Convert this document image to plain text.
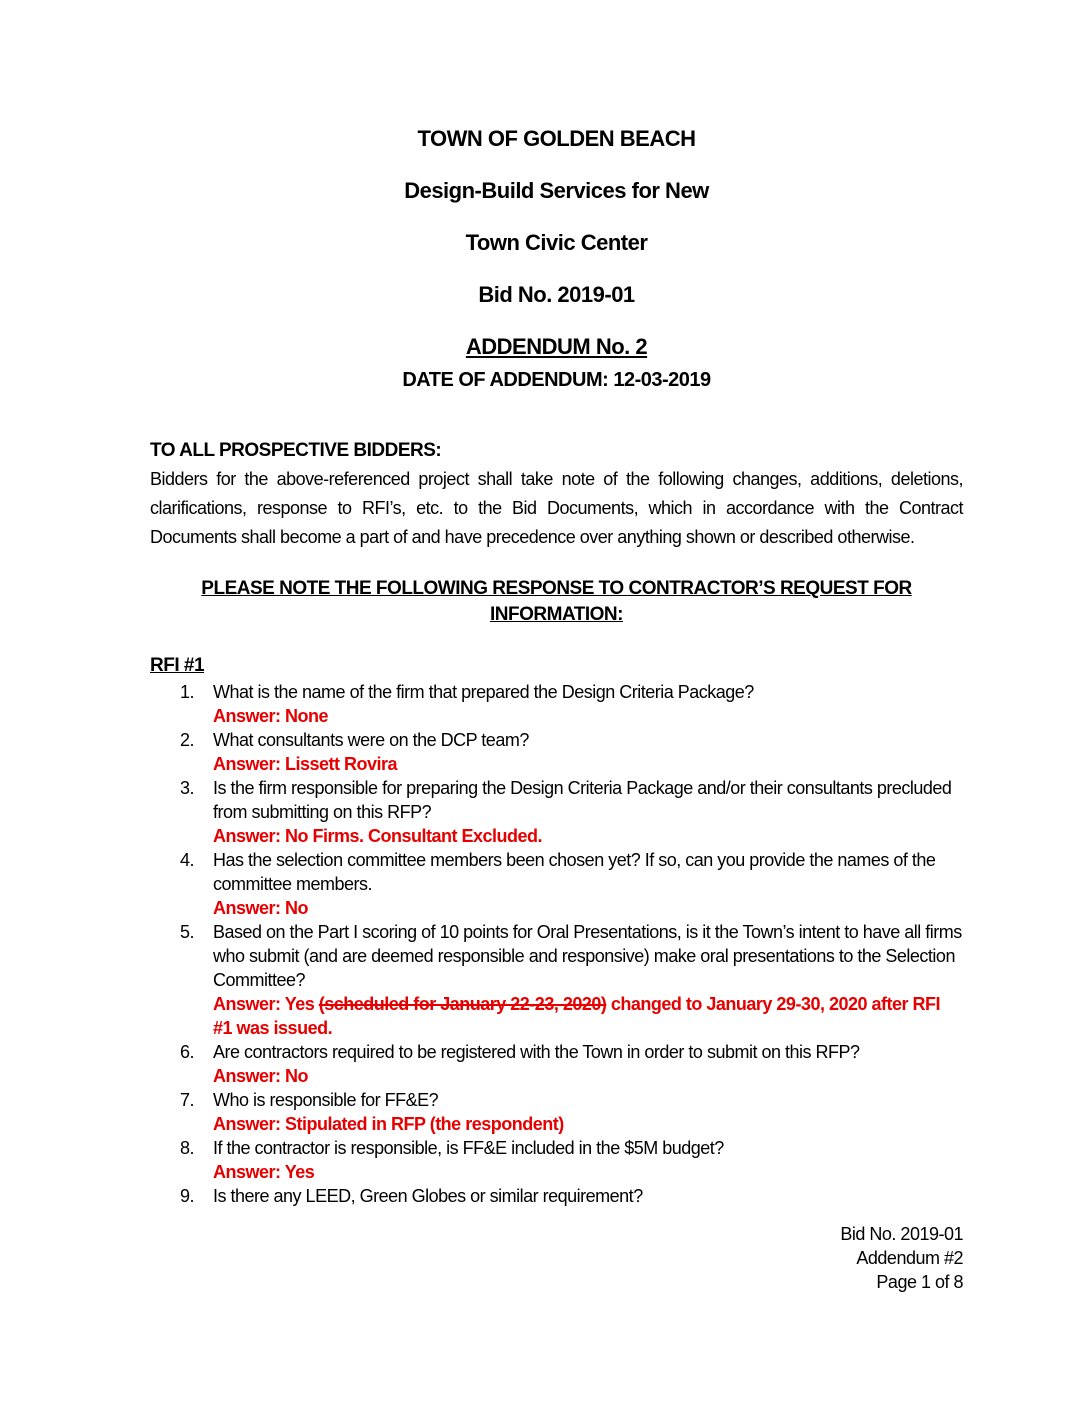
TOWN OF GOLDEN BEACH
Design-Build Services for New
Town Civic Center
Bid No. 2019-01
ADDENDUM No. 2
DATE OF ADDENDUM: 12-03-2019
TO ALL PROSPECTIVE BIDDERS:

Bidders for the above-referenced project shall take note of the following changes, additions, deletions, clarifications, response to RFI’s, etc. to the Bid Documents, which in accordance with the Contract Documents shall become a part of and have precedence over anything shown or described otherwise.

PLEASE NOTE THE FOLLOWING RESPONSE TO CONTRACTOR’S REQUEST FOR
INFORMATION:
RFI #1
1.	What is the name of the firm that prepared the Design Criteria Package?
Answer: None
2.	What consultants were on the DCP team?
Answer: Lissett Rovira
3.	Is the firm responsible for preparing the Design Criteria Package and/or their consultants precluded from submitting on this RFP?
Answer: No Firms. Consultant Excluded.
4.	Has the selection committee members been chosen yet? If so, can you provide the names of the committee members.
Answer: No
5.	Based on the Part I scoring of 10 points for Oral Presentations, is it the Town’s intent to have all firms who submit (and are deemed responsible and responsive) make oral presentations to the Selection Committee?
Answer: Yes (scheduled for January 22-23, 2020) changed to January 29-30, 2020 after RFI #1 was issued.
6.	Are contractors required to be registered with the Town in order to submit on this RFP?
Answer: No
7.	Who is responsible for FF&E?
Answer: Stipulated in RFP (the respondent)
8.	If the contractor is responsible, is FF&E included in the $5M budget?
Answer: Yes
9.	Is there any LEED, Green Globes or similar requirement?
Bid No. 2019-01
Addendum #2
Page 1 of 8
